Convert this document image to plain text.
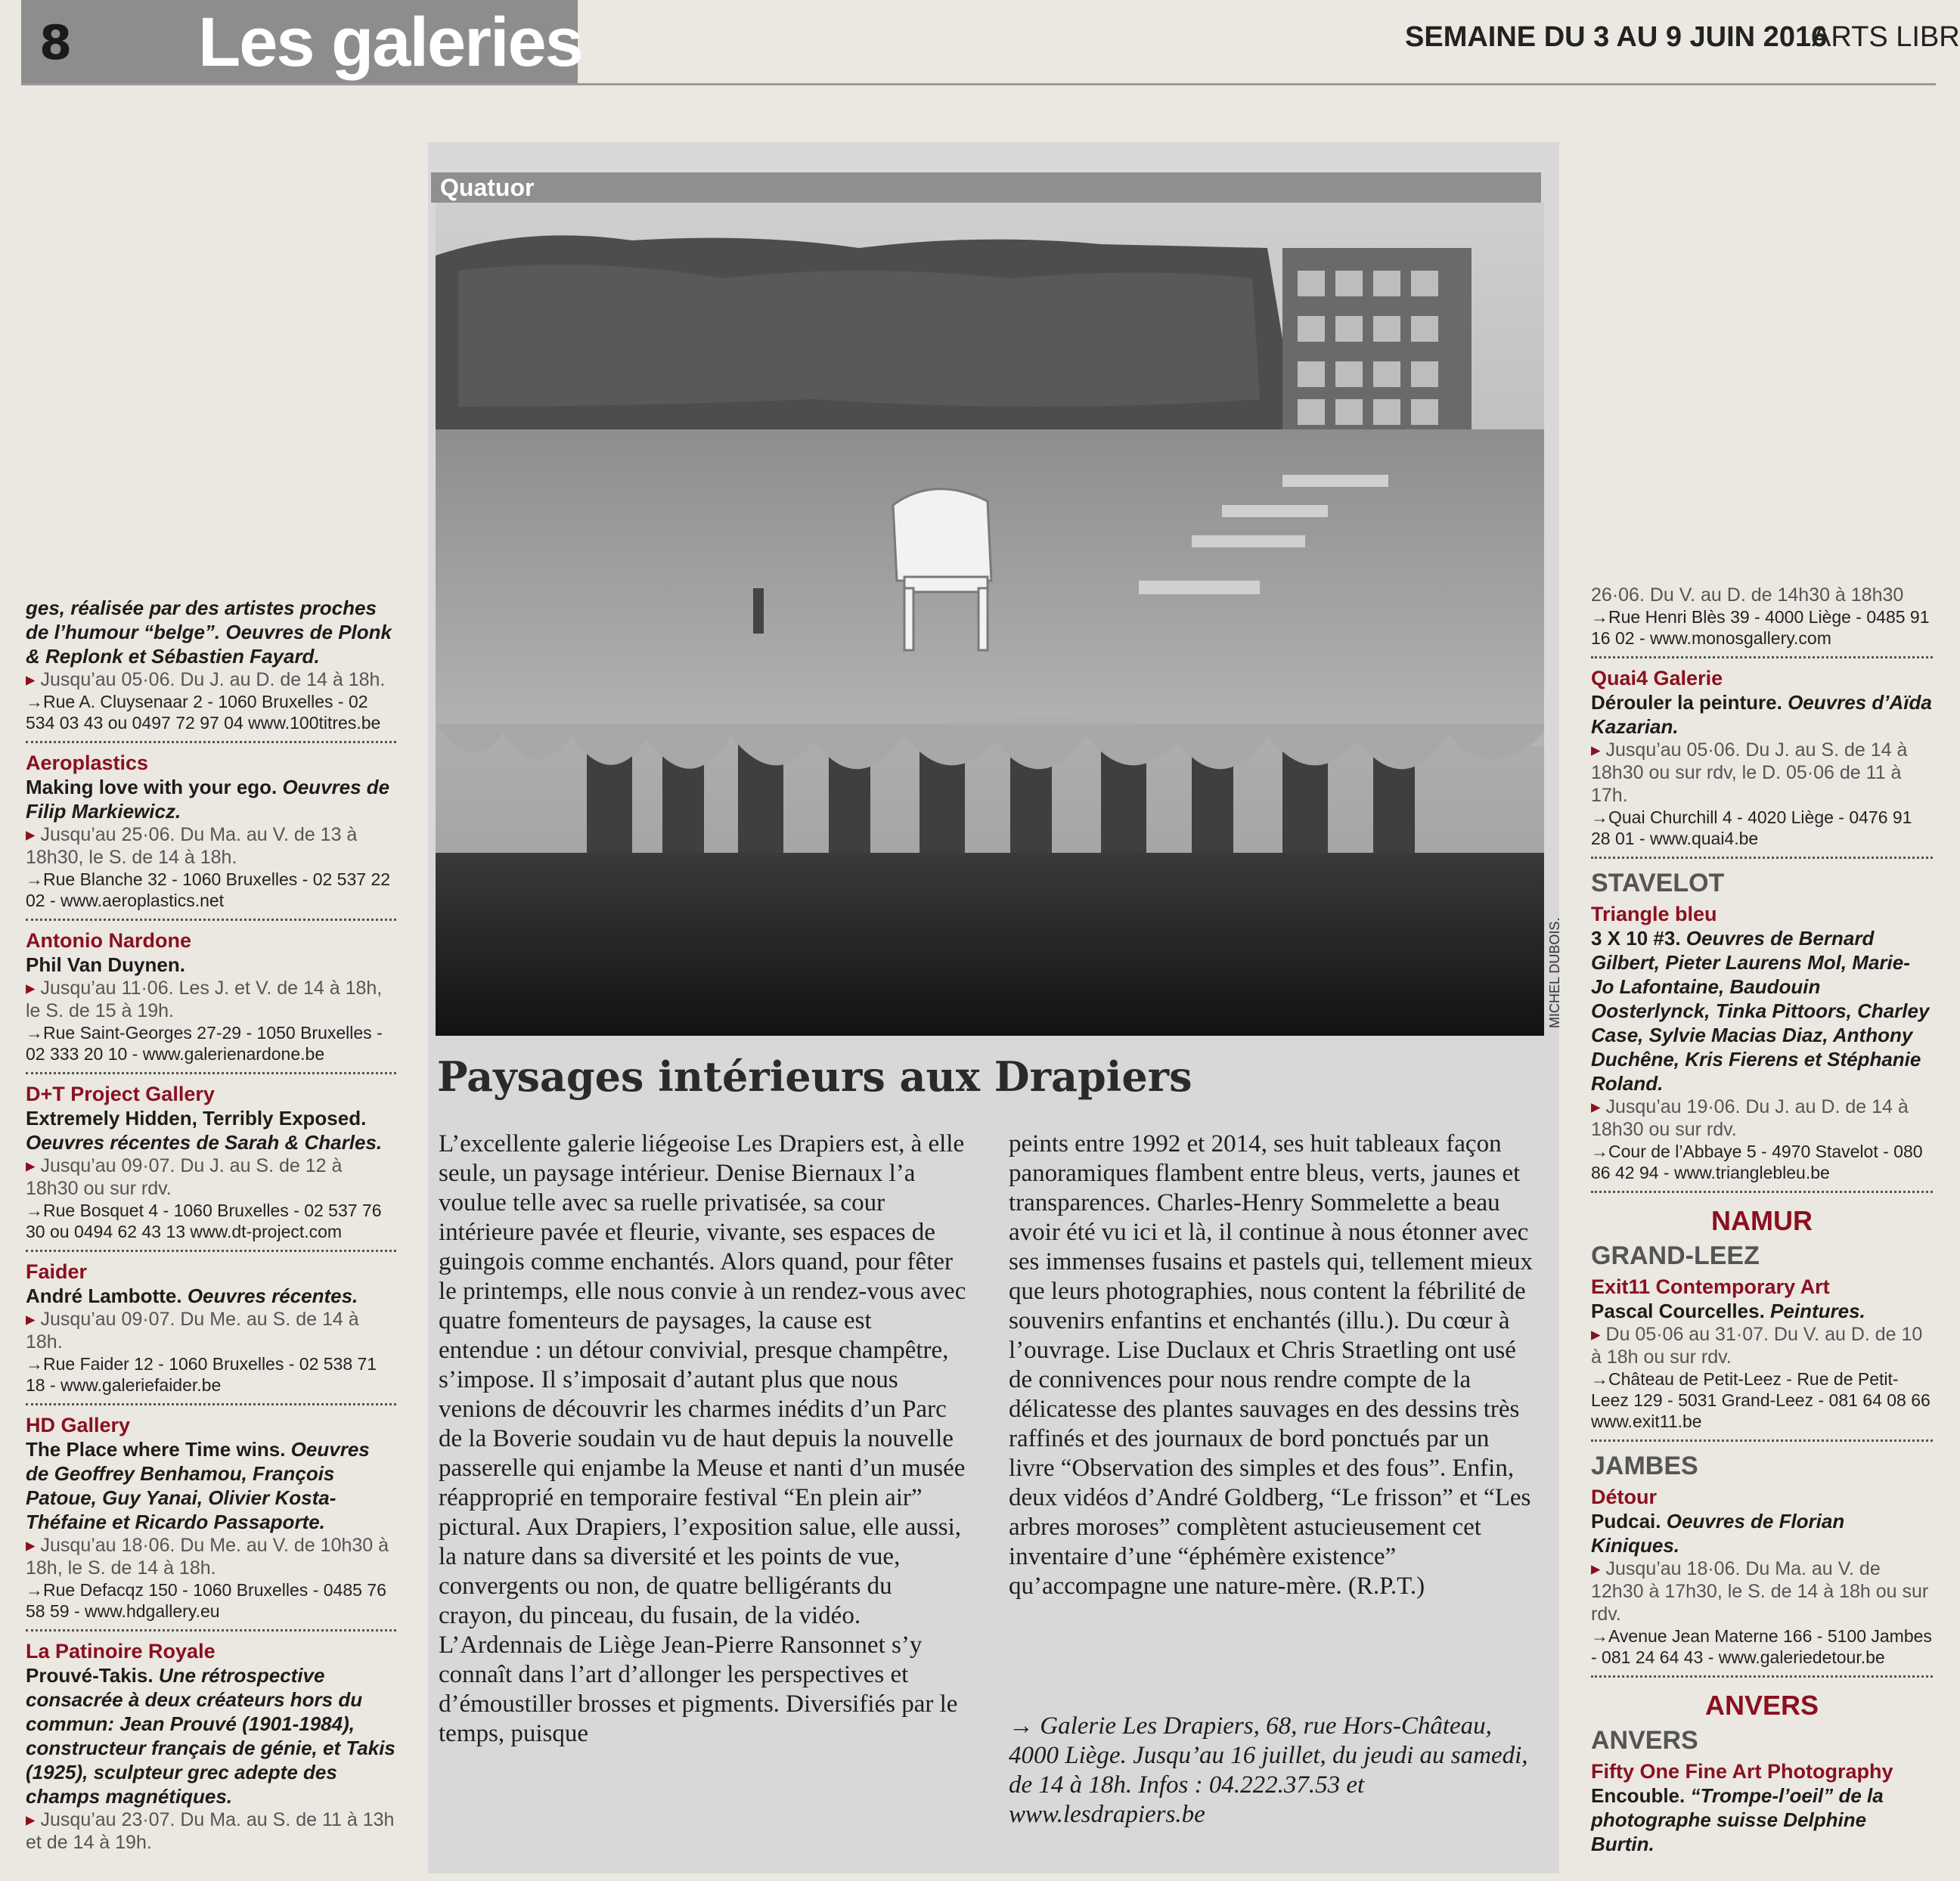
8 Les galeries	SEMAINE DU 3 AU 9 JUIN 2016
ARTS LIBR
ges, réalisée par des artistes proches de l’humour “belge”. Oeuvres de Plonk & Replonk et Sébastien Fayard.
▸ Jusqu’au 05·06. Du J. au D. de 14 à 18h.
→Rue A. Cluysenaar 2 - 1060 Bruxelles - 02 534 03 43 ou 0497 72 97 04 www.100titres.be
Aeroplastics
Making love with your ego. Oeuvres de Filip Markiewicz.
▸ Jusqu’au 25·06. Du Ma. au V. de 13 à 18h30, le S. de 14 à 18h.
→Rue Blanche 32 - 1060 Bruxelles - 02 537 22 02 - www.aeroplastics.net
Antonio Nardone
Phil Van Duynen.
▸ Jusqu’au 11·06. Les J. et V. de 14 à 18h, le S. de 15 à 19h.
→Rue Saint-Georges 27-29 - 1050 Bruxelles - 02 333 20 10 - www.galerienardone.be
D+T Project Gallery
Extremely Hidden, Terribly Exposed. Oeuvres récentes de Sarah & Charles.
▸ Jusqu’au 09·07. Du J. au S. de 12 à 18h30 ou sur rdv.
→Rue Bosquet 4 - 1060 Bruxelles - 02 537 76 30 ou 0494 62 43 13 www.dt-project.com
Faider
André Lambotte. Oeuvres récentes.
▸ Jusqu’au 09·07. Du Me. au S. de 14 à 18h.
→Rue Faider 12 - 1060 Bruxelles - 02 538 71 18 - www.galeriefaider.be
HD Gallery
The Place where Time wins. Oeuvres de Geoffrey Benhamou, François Patoue, Guy Yanai, Olivier Kosta-Théfaine et Ricardo Passaporte.
▸ Jusqu’au 18·06. Du Me. au V. de 10h30 à 18h, le S. de 14 à 18h.
→Rue Defacqz 150 - 1060 Bruxelles - 0485 76 58 59 - www.hdgallery.eu
La Patinoire Royale
Prouvé-Takis. Une rétrospective consacrée à deux créateurs hors du commun: Jean Prouvé (1901-1984), constructeur français de génie, et Takis (1925), sculpteur grec adepte des champs magnétiques.
▸ Jusqu’au 23·07. Du Ma. au S. de 11 à 13h et de 14 à 19h.
Quatuor
MICHEL DUBOIS.
Paysages intérieurs aux Drapiers
L’excellente galerie liégeoise Les Drapiers est, à elle seule, un paysage intérieur. Denise Biernaux l’a voulue telle avec sa ruelle privatisée, sa cour intérieure pavée et fleurie, vivante, ses espaces de guingois comme enchantés. Alors quand, pour fêter le printemps, elle nous convie à un rendez-vous avec quatre fomenteurs de paysages, la cause est entendue : un détour convivial, presque champêtre, s’impose. Il s’imposait d’autant plus que nous venions de découvrir les charmes inédits d’un Parc de la Boverie soudain vu de haut depuis la nouvelle passerelle qui enjambe la Meuse et nanti d’un musée réapproprié en temporaire festival “En plein air” pictural. Aux Drapiers, l’exposition salue, elle aussi, la nature dans sa diversité et les points de vue, convergents ou non, de quatre belligérants du crayon, du pinceau, du fusain, de la vidéo.
L’Ardennais de Liège Jean-Pierre Ransonnet s’y connaît dans l’art d’allonger les perspectives et d’émoustiller brosses et pigments. Diversifiés par le temps, puisque
peints entre 1992 et 2014, ses huit tableaux façon panoramiques flambent entre bleus, verts, jaunes et transparences. Charles-Henry Sommelette a beau avoir été vu ici et là, il continue à nous étonner avec ses immenses fusains et pastels qui, tellement mieux que leurs photographies, nous content la fébrilité de souvenirs enfantins et enchantés (illu.). Du cœur à l’ouvrage. Lise Duclaux et Chris Straetling ont usé de connivences pour nous rendre compte de la délicatesse des plantes sauvages en des dessins très raffinés et des journaux de bord ponctués par un livre “Observation des simples et des fous”. Enfin, deux vidéos d’André Goldberg, “Le frisson” et “Les arbres moroses” complètent astucieusement cet inventaire d’une “éphémère existence” qu’accompagne une nature-mère. (R.P.T.)
→ Galerie Les Drapiers, 68, rue Hors-Château, 4000 Liège. Jusqu’au 16 juillet, du jeudi au samedi, de 14 à 18h. Infos : 04.222.37.53 et www.lesdrapiers.be
26·06. Du V. au D. de 14h30 à 18h30
→Rue Henri Blès 39 - 4000 Liège - 0485 91 16 02 - www.monosgallery.com
Quai4 Galerie
Dérouler la peinture. Oeuvres d’Aïda Kazarian.
▸ Jusqu’au 05·06. Du J. au S. de 14 à 18h30 ou sur rdv, le D. 05·06 de 11 à 17h.
→Quai Churchill 4 - 4020 Liège - 0476 91 28 01 - www.quai4.be
STAVELOT
Triangle bleu
3 X 10 #3. Oeuvres de Bernard Gilbert, Pieter Laurens Mol, Marie-Jo Lafontaine, Baudouin Oosterlynck, Tinka Pittoors, Charley Case, Sylvie Macias Diaz, Anthony Duchêne, Kris Fierens et Stéphanie Roland.
▸ Jusqu’au 19·06. Du J. au D. de 14 à 18h30 ou sur rdv.
→Cour de l’Abbaye 5 - 4970 Stavelot - 080 86 42 94 - www.trianglebleu.be
NAMUR
GRAND-LEEZ
Exit11 Contemporary Art
Pascal Courcelles. Peintures.
▸ Du 05·06 au 31·07. Du V. au D. de 10 à 18h ou sur rdv.
→Château de Petit-Leez - Rue de Petit-Leez 129 - 5031 Grand-Leez - 081 64 08 66 www.exit11.be
JAMBES
Détour
Pudcai. Oeuvres de Florian Kiniques.
▸ Jusqu’au 18·06. Du Ma. au V. de 12h30 à 17h30, le S. de 14 à 18h ou sur rdv.
→Avenue Jean Materne 166 - 5100 Jambes - 081 24 64 43 - www.galeriedetour.be
ANVERS
ANVERS
Fifty One Fine Art Photography
Encouble. “Trompe-l’oeil” de la photographe suisse Delphine Burtin.
